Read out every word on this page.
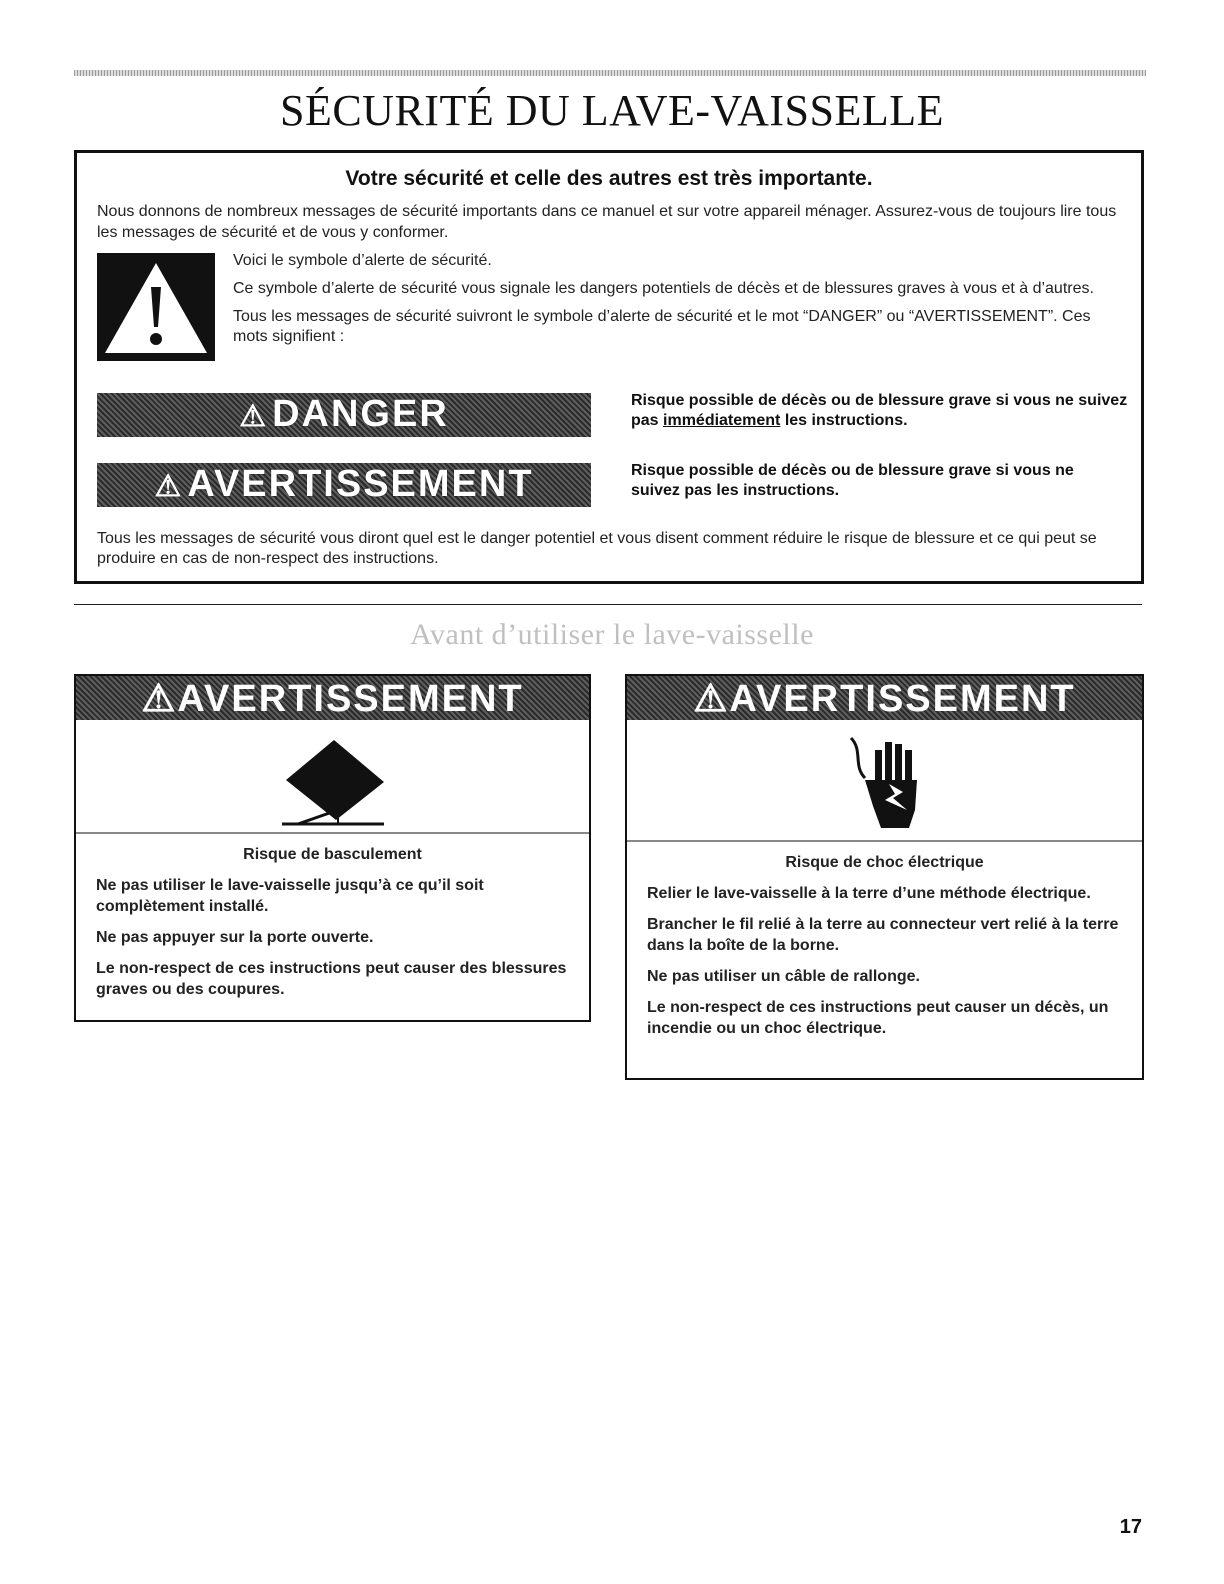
SÉCURITÉ DU LAVE-VAISSELLE
Votre sécurité et celle des autres est très importante.

Nous donnons de nombreux messages de sécurité importants dans ce manuel et sur votre appareil ménager. Assurez-vous de toujours lire tous les messages de sécurité et de vous y conformer.

Voici le symbole d’alerte de sécurité.

Ce symbole d’alerte de sécurité vous signale les dangers potentiels de décès et de blessures graves à vous et à d’autres.

Tous les messages de sécurité suivront le symbole d’alerte de sécurité et le mot “DANGER” ou “AVERTISSEMENT”. Ces mots signifient :

⚠ DANGER	Risque possible de décès ou de blessure grave si vous ne suivez pas immédiatement les instructions.
⚠ AVERTISSEMENT	Risque possible de décès ou de blessure grave si vous ne suivez pas les instructions.

Tous les messages de sécurité vous diront quel est le danger potentiel et vous disent comment réduire le risque de blessure et ce qui peut se produire en cas de non-respect des instructions.

Avant d’utiliser le lave-vaisselle
⚠AVERTISSEMENT

Risque de basculement

Ne pas utiliser le lave-vaisselle jusqu’à ce qu’il soit complètement installé.

Ne pas appuyer sur la porte ouverte.

Le non-respect de ces instructions peut causer des blessures graves ou des coupures.

⚠AVERTISSEMENT

Risque de choc électrique

Relier le lave-vaisselle à la terre d’une méthode électrique.

Brancher le fil relié à la terre au connecteur vert relié à la terre dans la boîte de la borne.

Ne pas utiliser un câble de rallonge.

Le non-respect de ces instructions peut causer un décès, un incendie ou un choc électrique.

17
